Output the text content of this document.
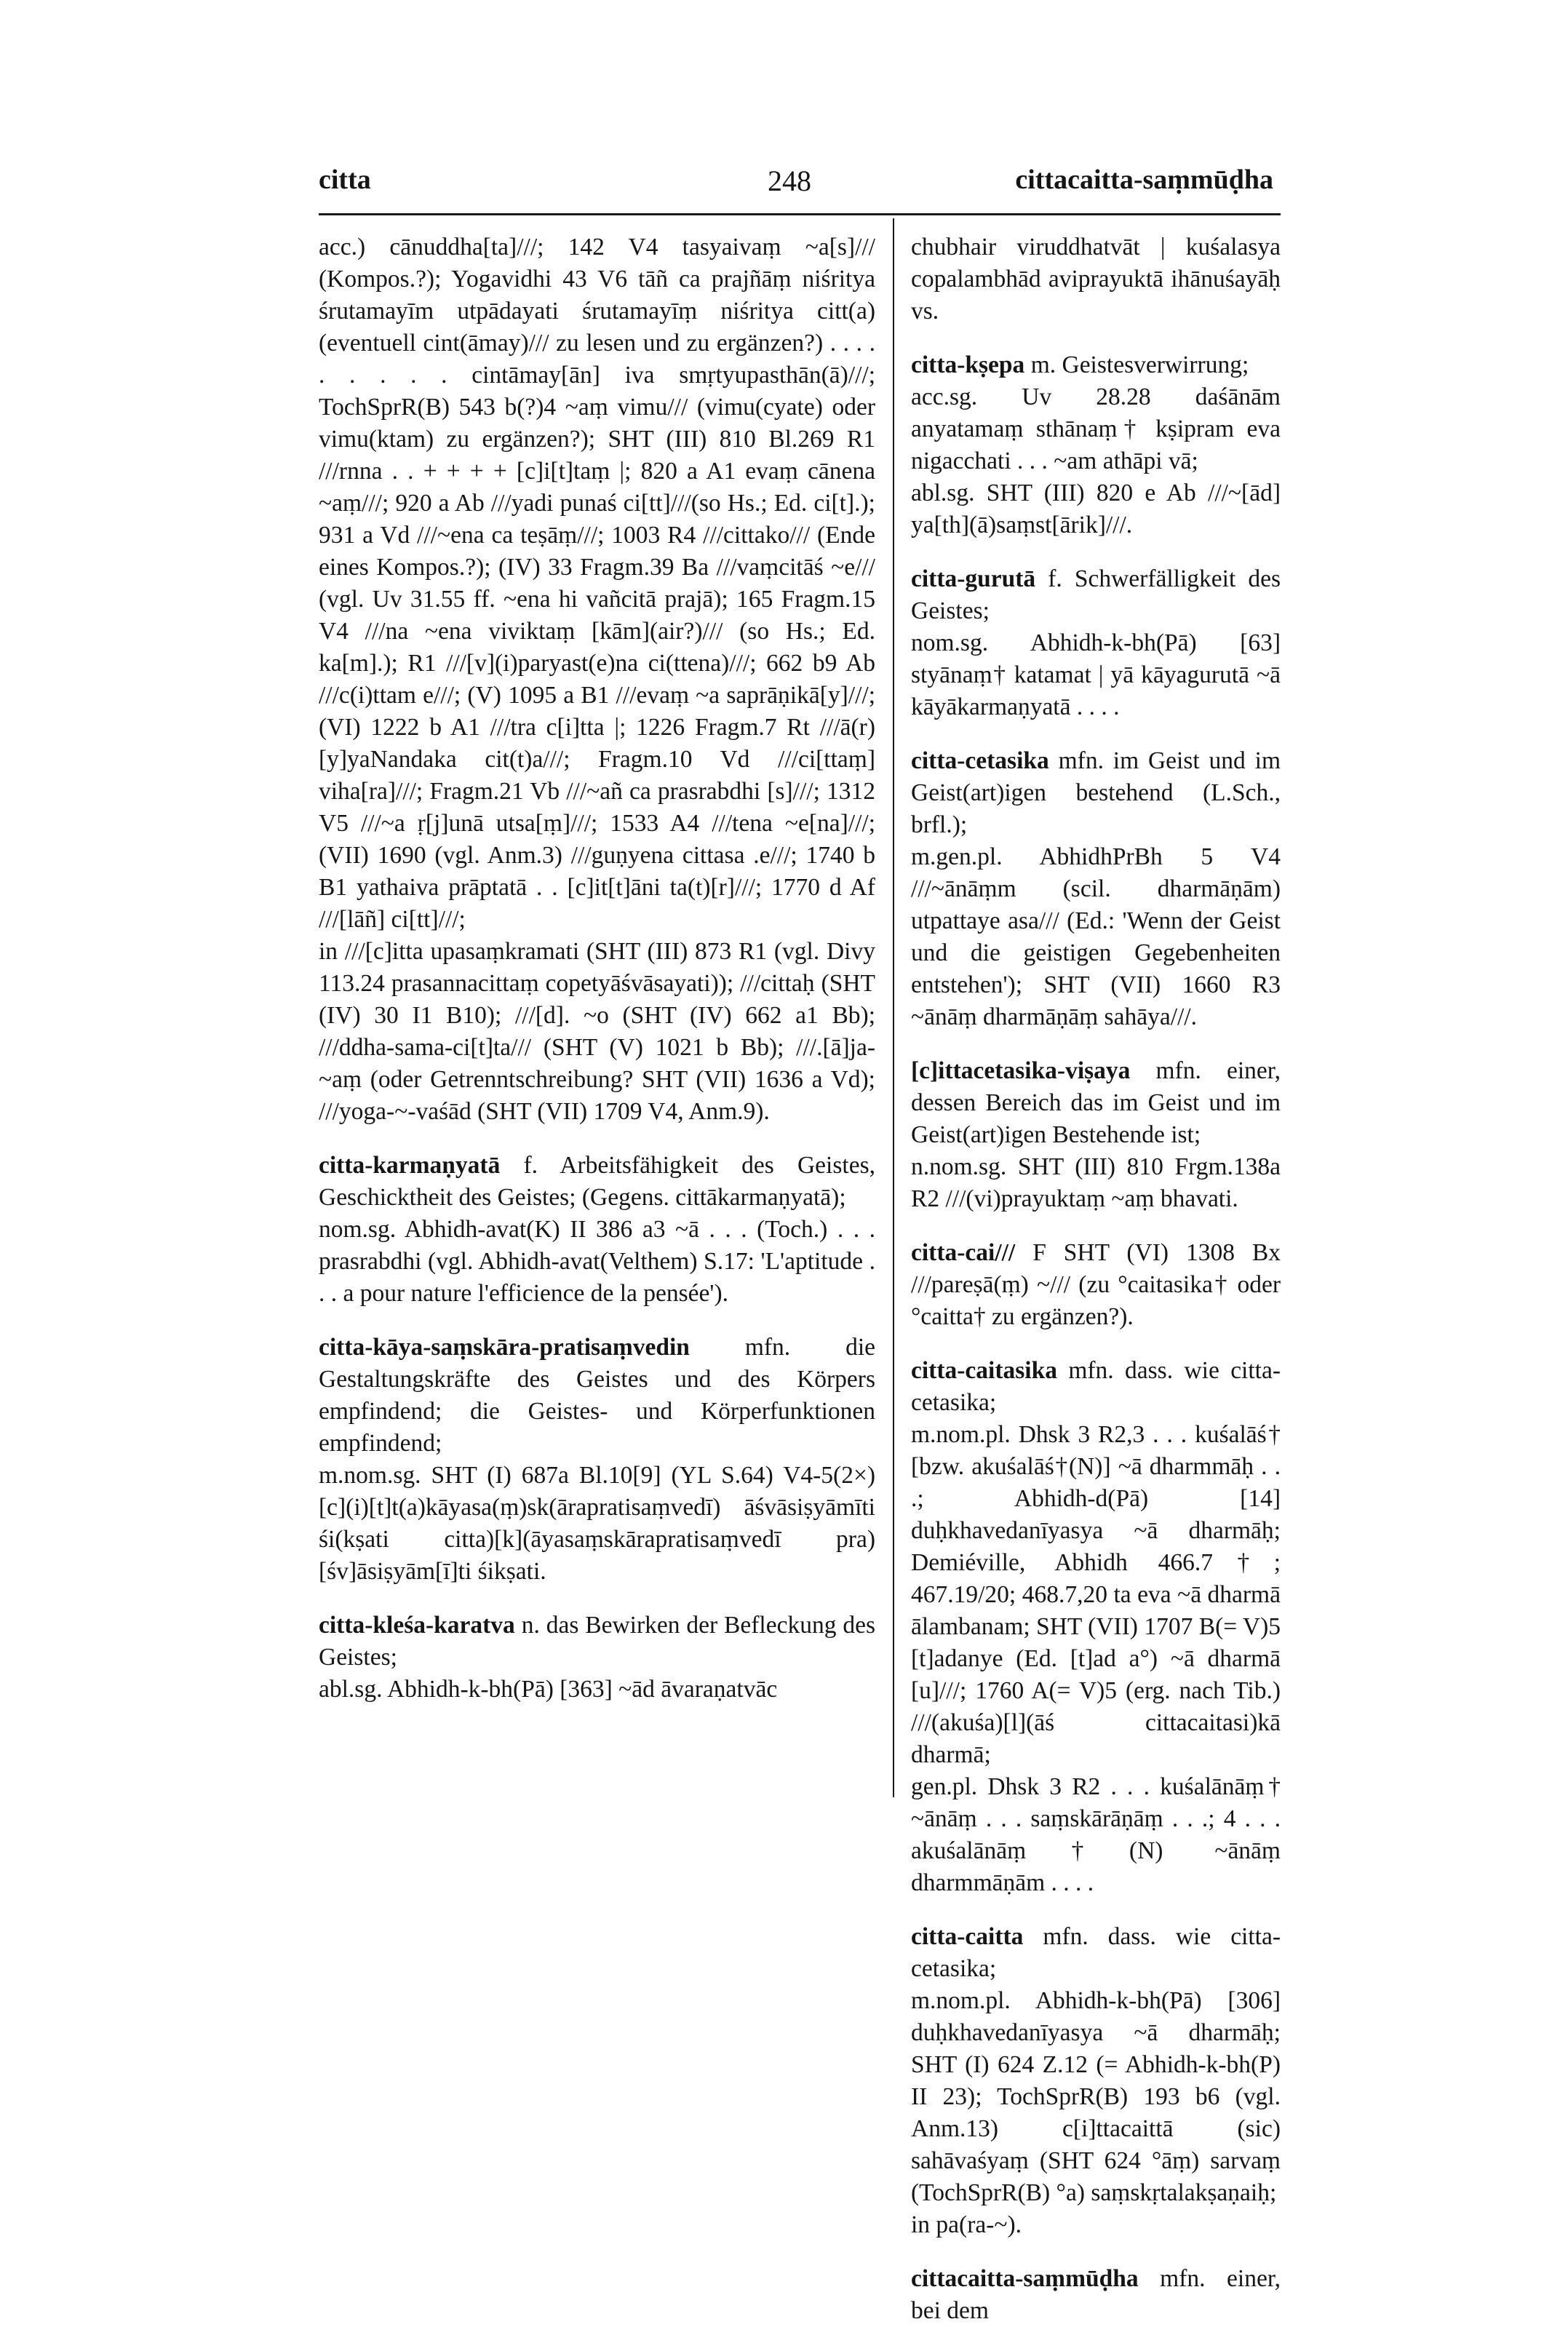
citta	248	cittacaitta-saṃmūḍha

acc.) cānuddha[ta]///; 142 V4 tasyaivaṃ ~a[s]/// (Kompos.?); Yogavidhi 43 V6 tāñ ca prajñāṃ niśritya śrutamayīm utpādayati śrutamayīṃ niśritya citt(a) (eventuell cint(āmay)/// zu lesen und zu ergänzen?) . . . . . . . . . cintāmay[ān] iva smṛtyupasthān(ā)///; TochSprR(B) 543 b(?)4 ~aṃ vimu/// (vimu(cyate) oder vimu(ktam) zu ergänzen?); SHT (III) 810 Bl.269 R1 ///rnna . . + + + + [c]i[t]taṃ |; 820 a A1 evaṃ cānena ~aṃ///; 920 a Ab ///yadi punaś ci[tt]///(so Hs.; Ed. ci[t].); 931 a Vd ///~ena ca teṣāṃ///; 1003 R4 ///cittako/// (Ende eines Kompos.?); (IV) 33 Fragm.39 Ba ///vaṃcitāś ~e/// (vgl. Uv 31.55 ff. ~ena hi vañcitā prajā); 165 Fragm.15 V4 ///na ~ena viviktaṃ [kām](air?)/// (so Hs.; Ed. ka[m].); R1 ///[v](i)paryast(e)na ci(ttena)///; 662 b9 Ab ///c(i)ttam e///; (V) 1095 a B1 ///evaṃ ~a saprāṇikā[y]///; (VI) 1222 b A1 ///tra c[i]tta |; 1226 Fragm.7 Rt ///ā(r)[y]yaNandaka cit(t)a///; Fragm.10 Vd ///ci[ttaṃ] viha[ra]///; Fragm.21 Vb ///~añ ca prasrabdhi [s]///; 1312 V5 ///~a ṛ[j]unā utsa[ṃ]///; 1533 A4 ///tena ~e[na]///; (VII) 1690 (vgl. Anm.3) ///guṇyena cittasa .e///; 1740 b B1 yathaiva prāptatā . . [c]it[t]āni ta(t)[r]///; 1770 d Af ///[lāñ] ci[tt]///;

in ///[c]itta upasaṃkramati (SHT (III) 873 R1 (vgl. Divy 113.24 prasannacittaṃ copetyāśvāsayati)); ///cittaḥ (SHT (IV) 30 I1 B10); ///[d]. ~o (SHT (IV) 662 a1 Bb); ///ddha-sama-ci[t]ta/// (SHT (V) 1021 b Bb); ///.[ā]ja-~aṃ (oder Getrenntschreibung? SHT (VII) 1636 a Vd); ///yoga-~-vaśād (SHT (VII) 1709 V4, Anm.9).

citta-karmaṇyatā f. Arbeitsfähigkeit des Geistes, Geschicktheit des Geistes; (Gegens. cittākarmaṇyatā);

nom.sg. Abhidh-avat(K) II 386 a3 ~ā . . . (Toch.) . . . prasrabdhi (vgl. Abhidh-avat(Velthem) S.17: 'L'aptitude . . . a pour nature l'efficience de la pensée').

citta-kāya-saṃskāra-pratisaṃvedin mfn. die Gestaltungskräfte des Geistes und des Körpers empfindend; die Geistes- und Körperfunktionen empfindend;

m.nom.sg. SHT (I) 687a Bl.10[9] (YL S.64) V4-5(2×) [c](i)[t]t(a)kāyasa(ṃ)sk(ārapratisaṃvedī) āśvāsiṣyāmīti śi(kṣati citta)[k](āyasaṃskārapratisaṃvedī pra)[śv]āsiṣyām[ī]ti śikṣati.

citta-kleśa-karatva n. das Bewirken der Befleckung des Geistes;

abl.sg. Abhidh-k-bh(Pā) [363] ~ād āvaraṇatvāc

chubhair viruddhatvāt | kuśalasya copalambhād aviprayuktā ihānuśayāḥ vs.

citta-kṣepa m. Geistesverwirrung;

acc.sg. Uv 28.28 daśānām anyatamaṃ sthānaṃ† kṣipram eva nigacchati . . . ~am athāpi vā;

abl.sg. SHT (III) 820 e Ab ///~[ād] ya[th](ā)saṃst[ārik]///.

citta-gurutā f. Schwerfälligkeit des Geistes;

nom.sg. Abhidh-k-bh(Pā) [63] styānaṃ† katamat | yā kāyagurutā ~ā kāyākarmaṇyatā . . . .

citta-cetasika mfn. im Geist und im Geist(art)igen bestehend (L.Sch., brfl.);

m.gen.pl. AbhidhPrBh 5 V4 ///~ānāṃm (scil. dharmāṇām) utpattaye asa/// (Ed.: 'Wenn der Geist und die geistigen Gegebenheiten entstehen'); SHT (VII) 1660 R3 ~ānāṃ dharmāṇāṃ sahāya///.

[c]ittacetasika-viṣaya mfn. einer, dessen Bereich das im Geist und im Geist(art)igen Bestehende ist;

n.nom.sg. SHT (III) 810 Frgm.138a R2 ///(vi)prayuktaṃ ~aṃ bhavati.

citta-cai/// F SHT (VI) 1308 Bx ///pareṣā(ṃ) ~/// (zu °caitasika† oder °caitta† zu ergänzen?).

citta-caitasika mfn. dass. wie citta-cetasika;

m.nom.pl. Dhsk 3 R2,3 . . . kuśalāś† [bzw. akuśalāś†(N)] ~ā dharmmāḥ . . .; Abhidh-d(Pā) [14] duḥkhavedanīyasya ~ā dharmāḥ; Demiéville, Abhidh 466.7†; 467.19/20; 468.7,20 ta eva ~ā dharmā ālambanam; SHT (VII) 1707 B(= V)5 [t]adanye (Ed. [t]ad a°) ~ā dharmā [u]///; 1760 A(= V)5 (erg. nach Tib.) ///(akuśa)[l](āś cittacaitasi)kā dharmā;

gen.pl. Dhsk 3 R2 . . . kuśalānāṃ† ~ānāṃ . . . saṃskārāṇāṃ . . .; 4 . . . akuśalānāṃ†(N) ~ānāṃ dharmmāṇām . . . .

citta-caitta mfn. dass. wie citta-cetasika;

m.nom.pl. Abhidh-k-bh(Pā) [306] duḥkhavedanīyasya ~ā dharmāḥ; SHT (I) 624 Z.12 (= Abhidh-k-bh(P) II 23); TochSprR(B) 193 b6 (vgl. Anm.13) c[i]ttacaittā (sic) sahāvaśyaṃ (SHT 624 °āṃ) sarvaṃ (TochSprR(B) °a) saṃskṛtalakṣaṇaiḥ;

in pa(ra-~).

cittacaitta-saṃmūḍha mfn. einer, bei dem
